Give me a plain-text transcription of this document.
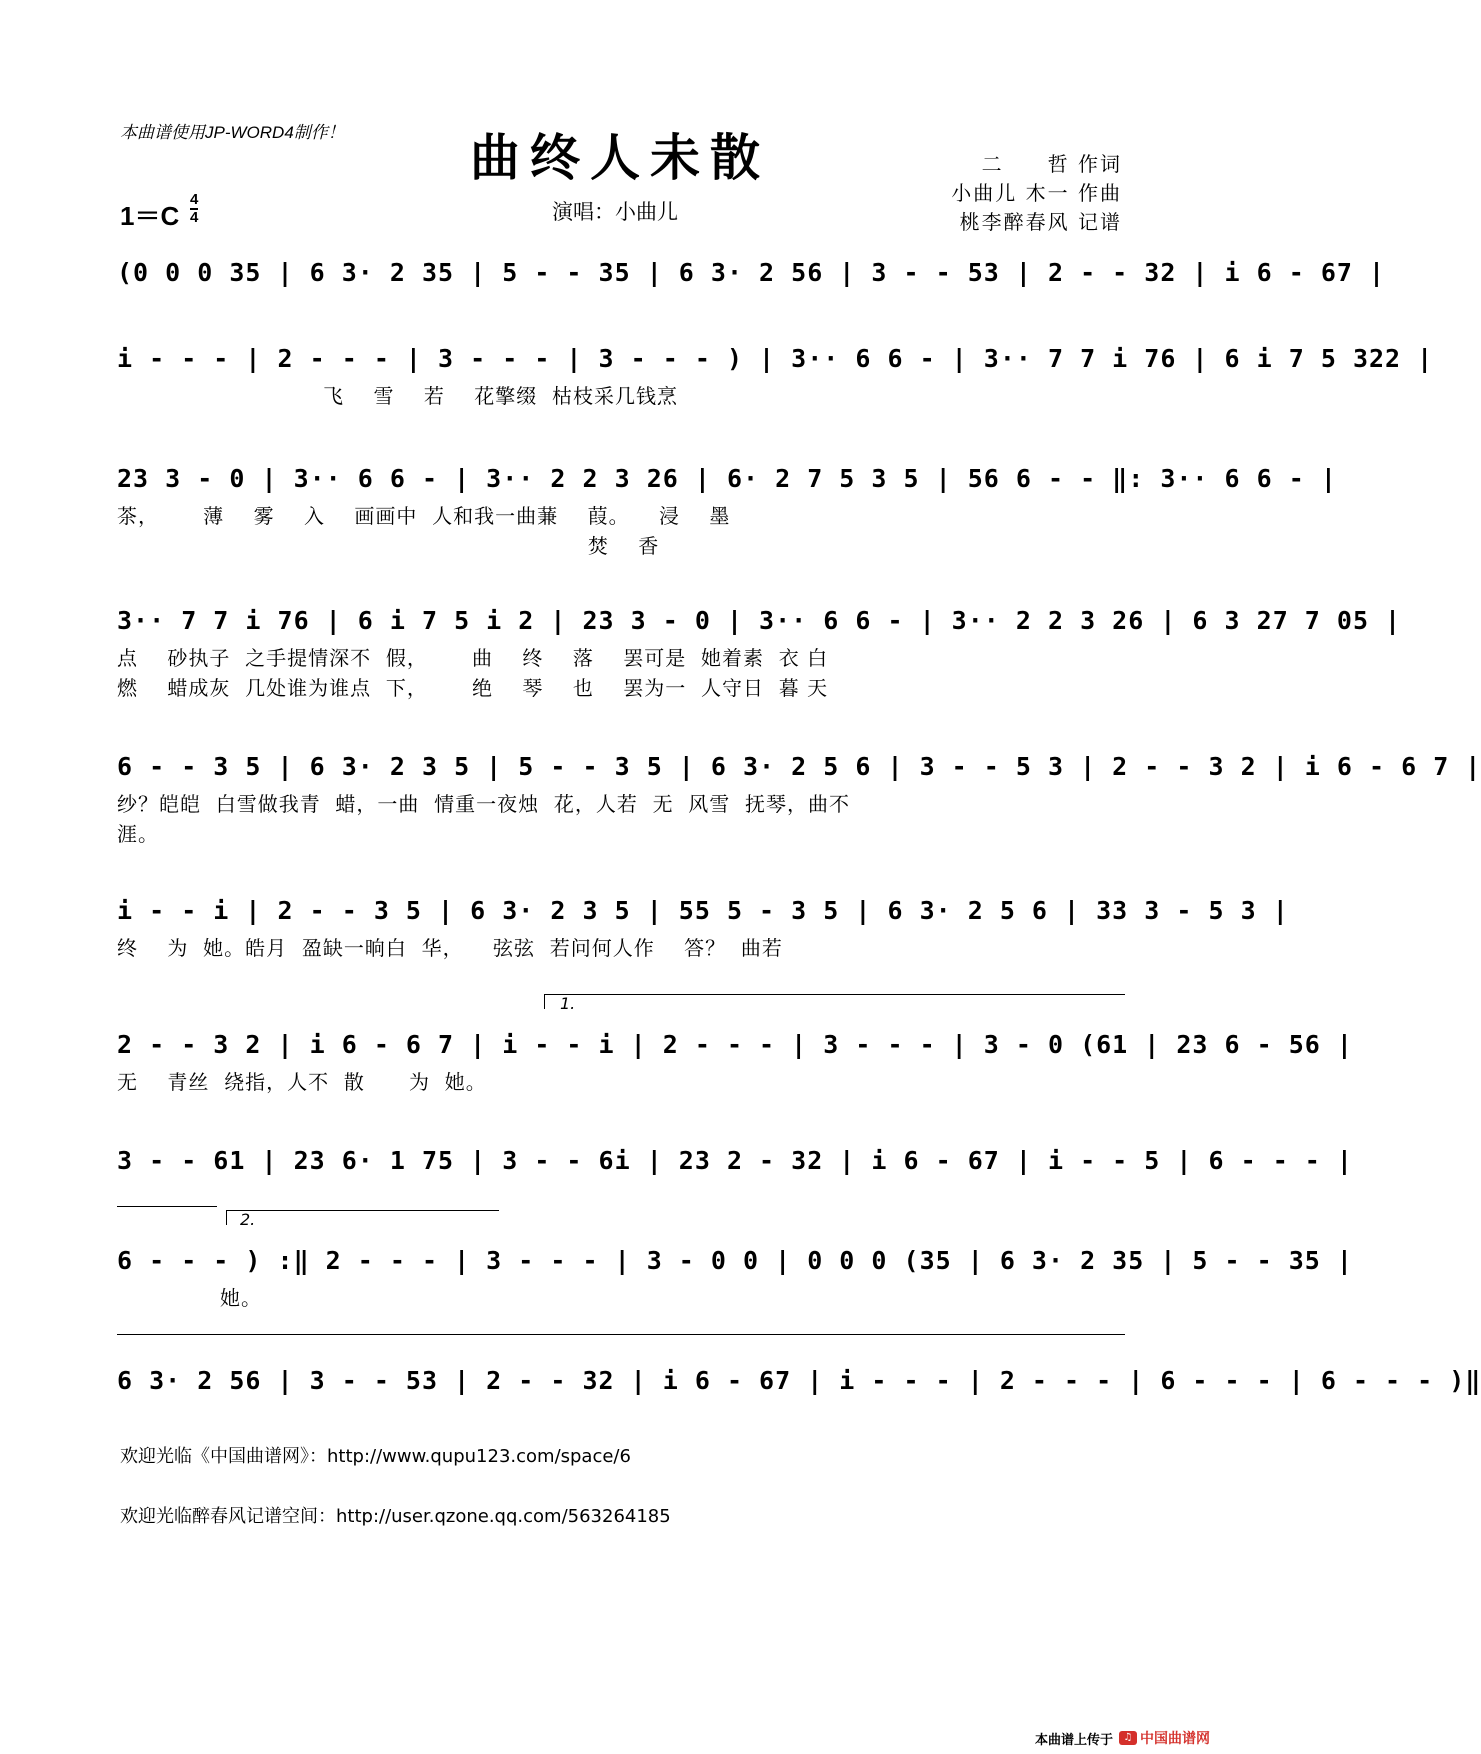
本曲谱使用JP-WORD4制作！	曲终人未散	二　　哲 作词
小曲儿 木一 作曲
桃李醉春风 记谱
1＝C
4
4	演唱：小曲儿
(0 0 0 35 | 6 3· 2 35 | 5 - - 35 | 6 3· 2 56 | 3 - - 53 | 2 - - 32 | i 6 - 67 |
i - - - | 2 - - - | 3 - - - | 3 - - - ) | 3·· 6 6 - | 3·· 7 7 i 76 | 6 i 7 5 322 |
飞    雪    若    花擎缀  枯枝采几钱烹
23 3 - 0 | 3·· 6 6 - | 3·· 2 2 3 26 | 6· 2 7 5 3 5 | 56 6 - - ‖: 3·· 6 6 - |
茶，      薄    雾    入    画画中  人和我一曲蒹    葭。    浸    墨
焚    香
3·· 7 7 i 76 | 6 i 7 5 i 2 | 23 3 - 0 | 3·· 6 6 - | 3·· 2 2 3 26 | 6 3 27 7 05 |
点    砂执子  之手提情深不  假，      曲    终    落    罢可是  她着素  衣 白
燃    蜡成灰  几处谁为谁点  下，      绝    琴    也    罢为一  人守日  暮 天
6 - - 3 5 | 6 3· 2 3 5 | 5 - - 3 5 | 6 3· 2 5 6 | 3 - - 5 3 | 2 - - 3 2 | i 6 - 6 7 |
纱？皑皑  白雪做我青  蜡，一曲  情重一夜烛  花，人若  无  风雪  抚琴，曲不
涯。
i - - i | 2 - - 3 5 | 6 3· 2 3 5 | 55 5 - 3 5 | 6 3· 2 5 6 | 33 3 - 5 3 |
终    为  她。皓月  盈缺一晌白  华，    弦弦  若问何人作    答？  曲若
1.
2 - - 3 2 | i 6 - 6 7 | i - - i | 2 - - - | 3 - - - | 3 - 0 (61 | 23 6 - 56 |
无    青丝  绕指，人不  散      为  她。
3 - - 61 | 23 6· 1 75 | 3 - - 6i | 23 2 - 32 | i 6 - 67 | i - - 5 | 6 - - - |
2.
6 - - - ) :‖ 2 - - - | 3 - - - | 3 - 0 0 | 0 0 0 (35 | 6 3· 2 35 | 5 - - 35 |
她。
6 3· 2 56 | 3 - - 53 | 2 - - 32 | i 6 - 67 | i - - - | 2 - - - | 6 - - - | 6 - - - )‖
欢迎光临《中国曲谱网》：http://www.qupu123.com/space/6
欢迎光临醉春风记谱空间：http://user.qzone.qq.com/563264185
本曲谱上传于	♫ 中国曲谱网
